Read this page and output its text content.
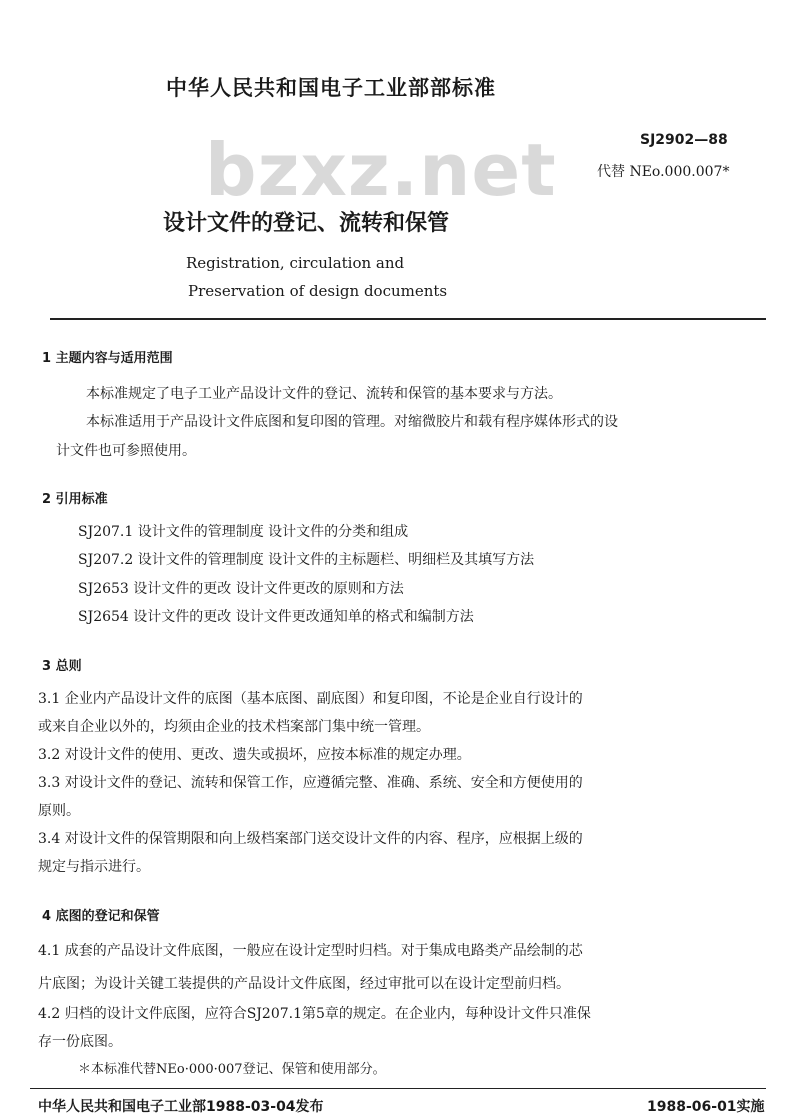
中华人民共和国电子工业部部标准
bzxz.net	SJ2902—88
代替 NEo.000.007*
设计文件的登记、流转和保管
Registration, circulation and
Preservation of design documents
1 主题内容与适用范围
本标准规定了电子工业产品设计文件的登记、流转和保管的基本要求与方法。
本标准适用于产品设计文件底图和复印图的管理。对缩微胶片和载有程序媒体形式的设
计文件也可参照使用。
2 引用标准
SJ207.1 设计文件的管理制度 设计文件的分类和组成
SJ207.2 设计文件的管理制度 设计文件的主标题栏、明细栏及其填写方法
SJ2653 设计文件的更改 设计文件更改的原则和方法
SJ2654 设计文件的更改 设计文件更改通知单的格式和编制方法
3 总则
3.1 企业内产品设计文件的底图（基本底图、副底图）和复印图，不论是企业自行设计的
或来自企业以外的，均须由企业的技术档案部门集中统一管理。
3.2 对设计文件的使用、更改、遗失或损坏，应按本标准的规定办理。
3.3 对设计文件的登记、流转和保管工作，应遵循完整、准确、系统、安全和方便使用的
原则。
3.4 对设计文件的保管期限和向上级档案部门送交设计文件的内容、程序，应根据上级的
规定与指示进行。
4 底图的登记和保管
4.1 成套的产品设计文件底图，一般应在设计定型时归档。对于集成电路类产品绘制的芯
片底图；为设计关键工装提供的产品设计文件底图，经过审批可以在设计定型前归档。
4.2 归档的设计文件底图，应符合SJ207.1第5章的规定。在企业内，每种设计文件只准保
存一份底图。
＊本标准代替NEo·000·007登记、保管和使用部分。
中华人民共和国电子工业部1988-03-04发布	1988-06-01实施
